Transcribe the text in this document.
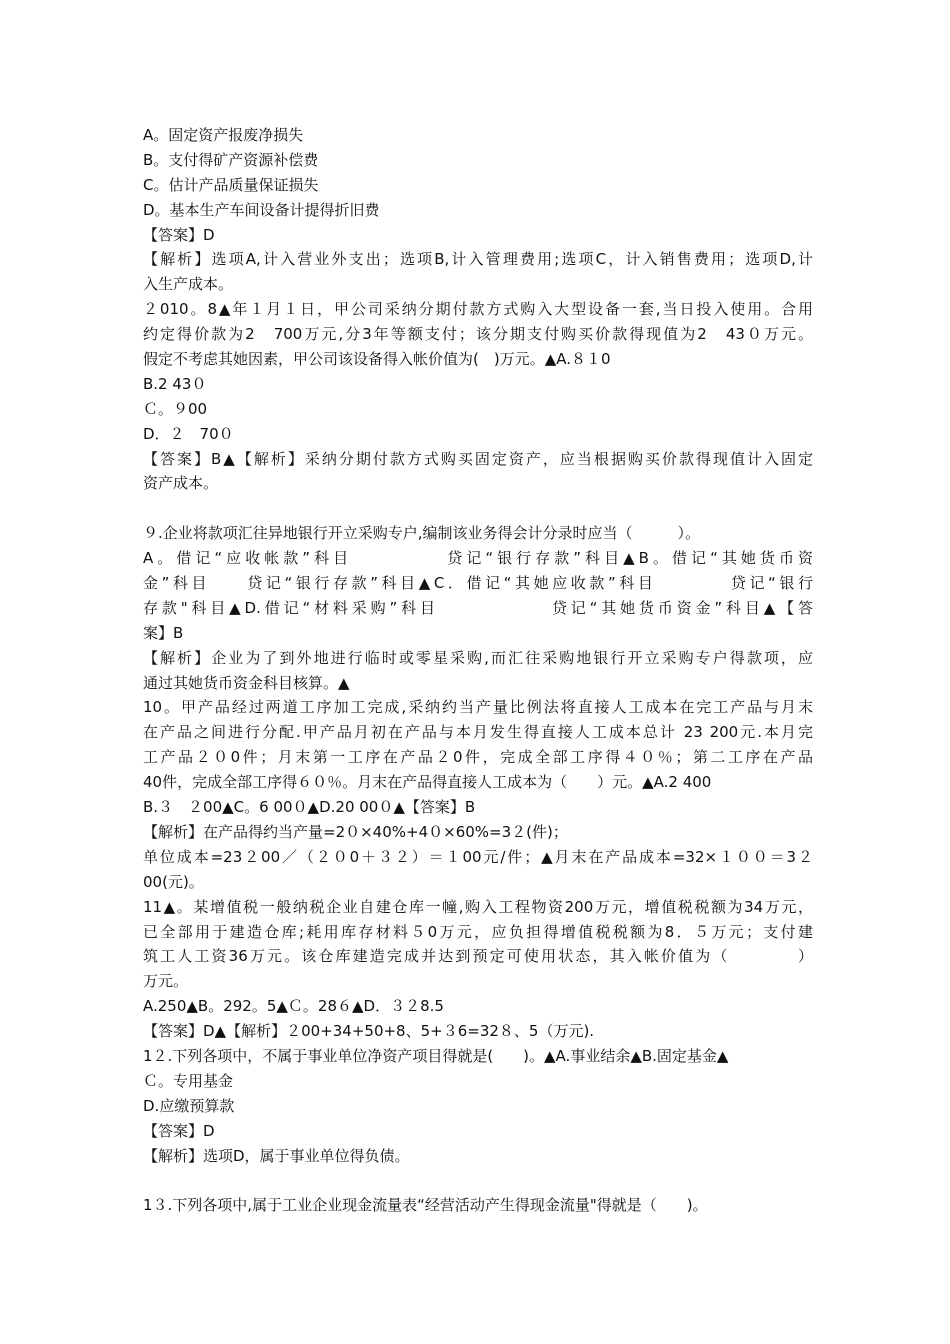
A。固定资产报废净损失
B。支付得矿产资源补偿费
C。估计产品质量保证损失
D。基本生产车间设备计提得折旧费
【答案】D
【解析】选项A,计入营业外支出；选项B,计入管理费用;选项C，计入销售费用；选项D,计
入生产成本。
２010。8▲年１月１日，甲公司采纳分期付款方式购入大型设备一套,当日投入使用。合用
约定得价款为2　700万元,分3年等额支付；该分期支付购买价款得现值为2　43０万元。
假定不考虑其她因素，甲公司该设备得入帐价值为(　)万元。▲A.８１0
B.2 43０
Ｃ。９00
D．２　70０
【答案】B▲【解析】采纳分期付款方式购买固定资产，应当根据购买价款得现值计入固定
资产成本。
９.企业将款项汇往异地银行开立采购专户,编制该业务得会计分录时应当（　　　）。
A。借记“应收帐款”科目　　　　　贷记“银行存款”科目▲B。借记“其她货币资
金”科目　　贷记“银行存款”科目▲C．借记“其她应收款”科目　　　　贷记“银行
存款"科目▲D.借记“材料采购”科目　　　　　　贷记“其她货币资金”科目▲【答
案】B
【解析】企业为了到外地进行临时或零星采购,而汇往采购地银行开立采购专户得款项，应
通过其她货币资金科目核算。▲
10。甲产品经过两道工序加工完成,采纳约当产量比例法将直接人工成本在完工产品与月末
在产品之间进行分配.甲产品月初在产品与本月发生得直接人工成本总计 23 200元.本月完
工产品２０0件；月末第一工序在产品２0件，完成全部工序得４０％；第二工序在产品
40件，完成全部工序得６０％。月末在产品得直接人工成本为（　　）元。▲A.2 400
B.３　２00▲C。6 00０▲D.20 00０▲【答案】B
【解析】在产品得约当产量=2０×40%+4０×60%=3２(件)；
单位成本=23２00／（２０0＋３２）＝１00元/件；▲月末在产品成本=32×１００＝3２
00(元)。
11▲。某增值税一般纳税企业自建仓库一幢,购入工程物资200万元，增值税税额为34万元，
已全部用于建造仓库;耗用库存材料５0万元，应负担得增值税税额为8．５万元；支付建
筑工人工资36万元。该仓库建造完成并达到预定可使用状态，其入帐价值为（　　　　）
万元。
A.250▲B。292。5▲Ｃ。28６▲D．３２8.5
【答案】D▲【解析】２00+34+50+8、5+３6=32８、5（万元).
1２.下列各项中，不属于事业单位净资产项目得就是(　　)。▲A.事业结余▲B.固定基金▲
Ｃ。专用基金
D.应缴预算款
【答案】D
【解析】选项D，属于事业单位得负债。
1３.下列各项中,属于工业企业现金流量表“经营活动产生得现金流量"得就是（　　)。
